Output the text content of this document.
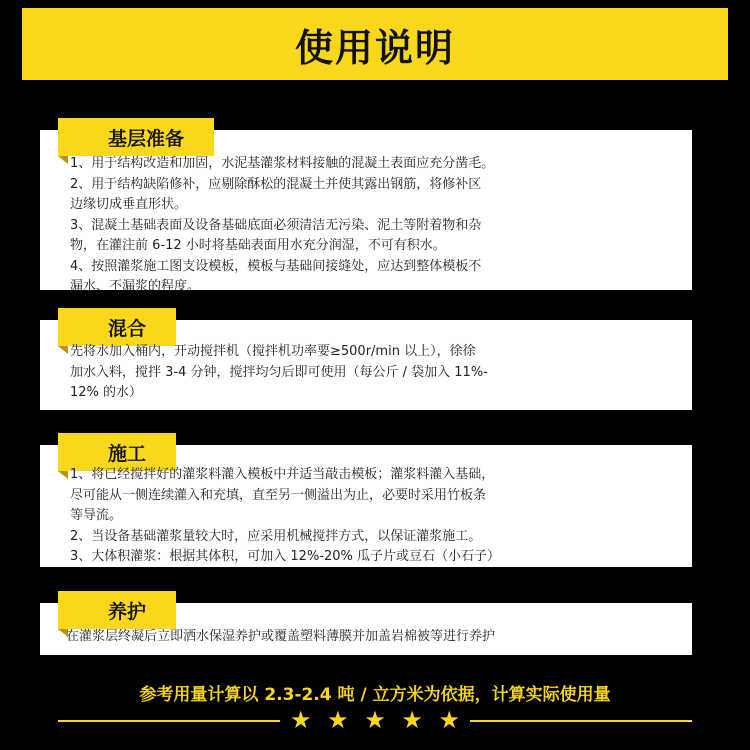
使用说明
基层准备
1、用于结构改造和加固，水泥基灌浆材料接触的混凝土表面应充分凿毛。
2、用于结构缺陷修补，应剔除酥松的混凝土并使其露出钢筋，将修补区
边缘切成垂直形状。
3、混凝土基础表面及设备基础底面必须清洁无污染、泥土等附着物和杂
物，在灌注前 6-12 小时将基础表面用水充分润湿，不可有积水。
4、按照灌浆施工图支设模板，模板与基础间接缝处，应达到整体模板不
漏水、不漏浆的程度。
混合
先将水加入桶内，开动搅拌机（搅拌机功率要≥500r/min 以上），徐徐
加水入料，搅拌 3-4 分钟，搅拌均匀后即可使用（每公斤 / 袋加入 11%-
12% 的水）
施工
1、将已经搅拌好的灌浆料灌入模板中并适当敲击模板；灌浆料灌入基础，
尽可能从一侧连续灌入和充填，直至另一侧溢出为止，必要时采用竹板条
等导流。
2、当设备基础灌浆量较大时，应采用机械搅拌方式，以保证灌浆施工。
3、大体积灌浆：根据其体积，可加入 12%-20% 瓜子片或豆石（小石子）
养护
在灌浆层终凝后立即洒水保湿养护或覆盖塑料薄膜并加盖岩棉被等进行养护
参考用量计算以 2.3-2.4 吨 / 立方米为依据，计算实际使用量
★ ★ ★ ★ ★
